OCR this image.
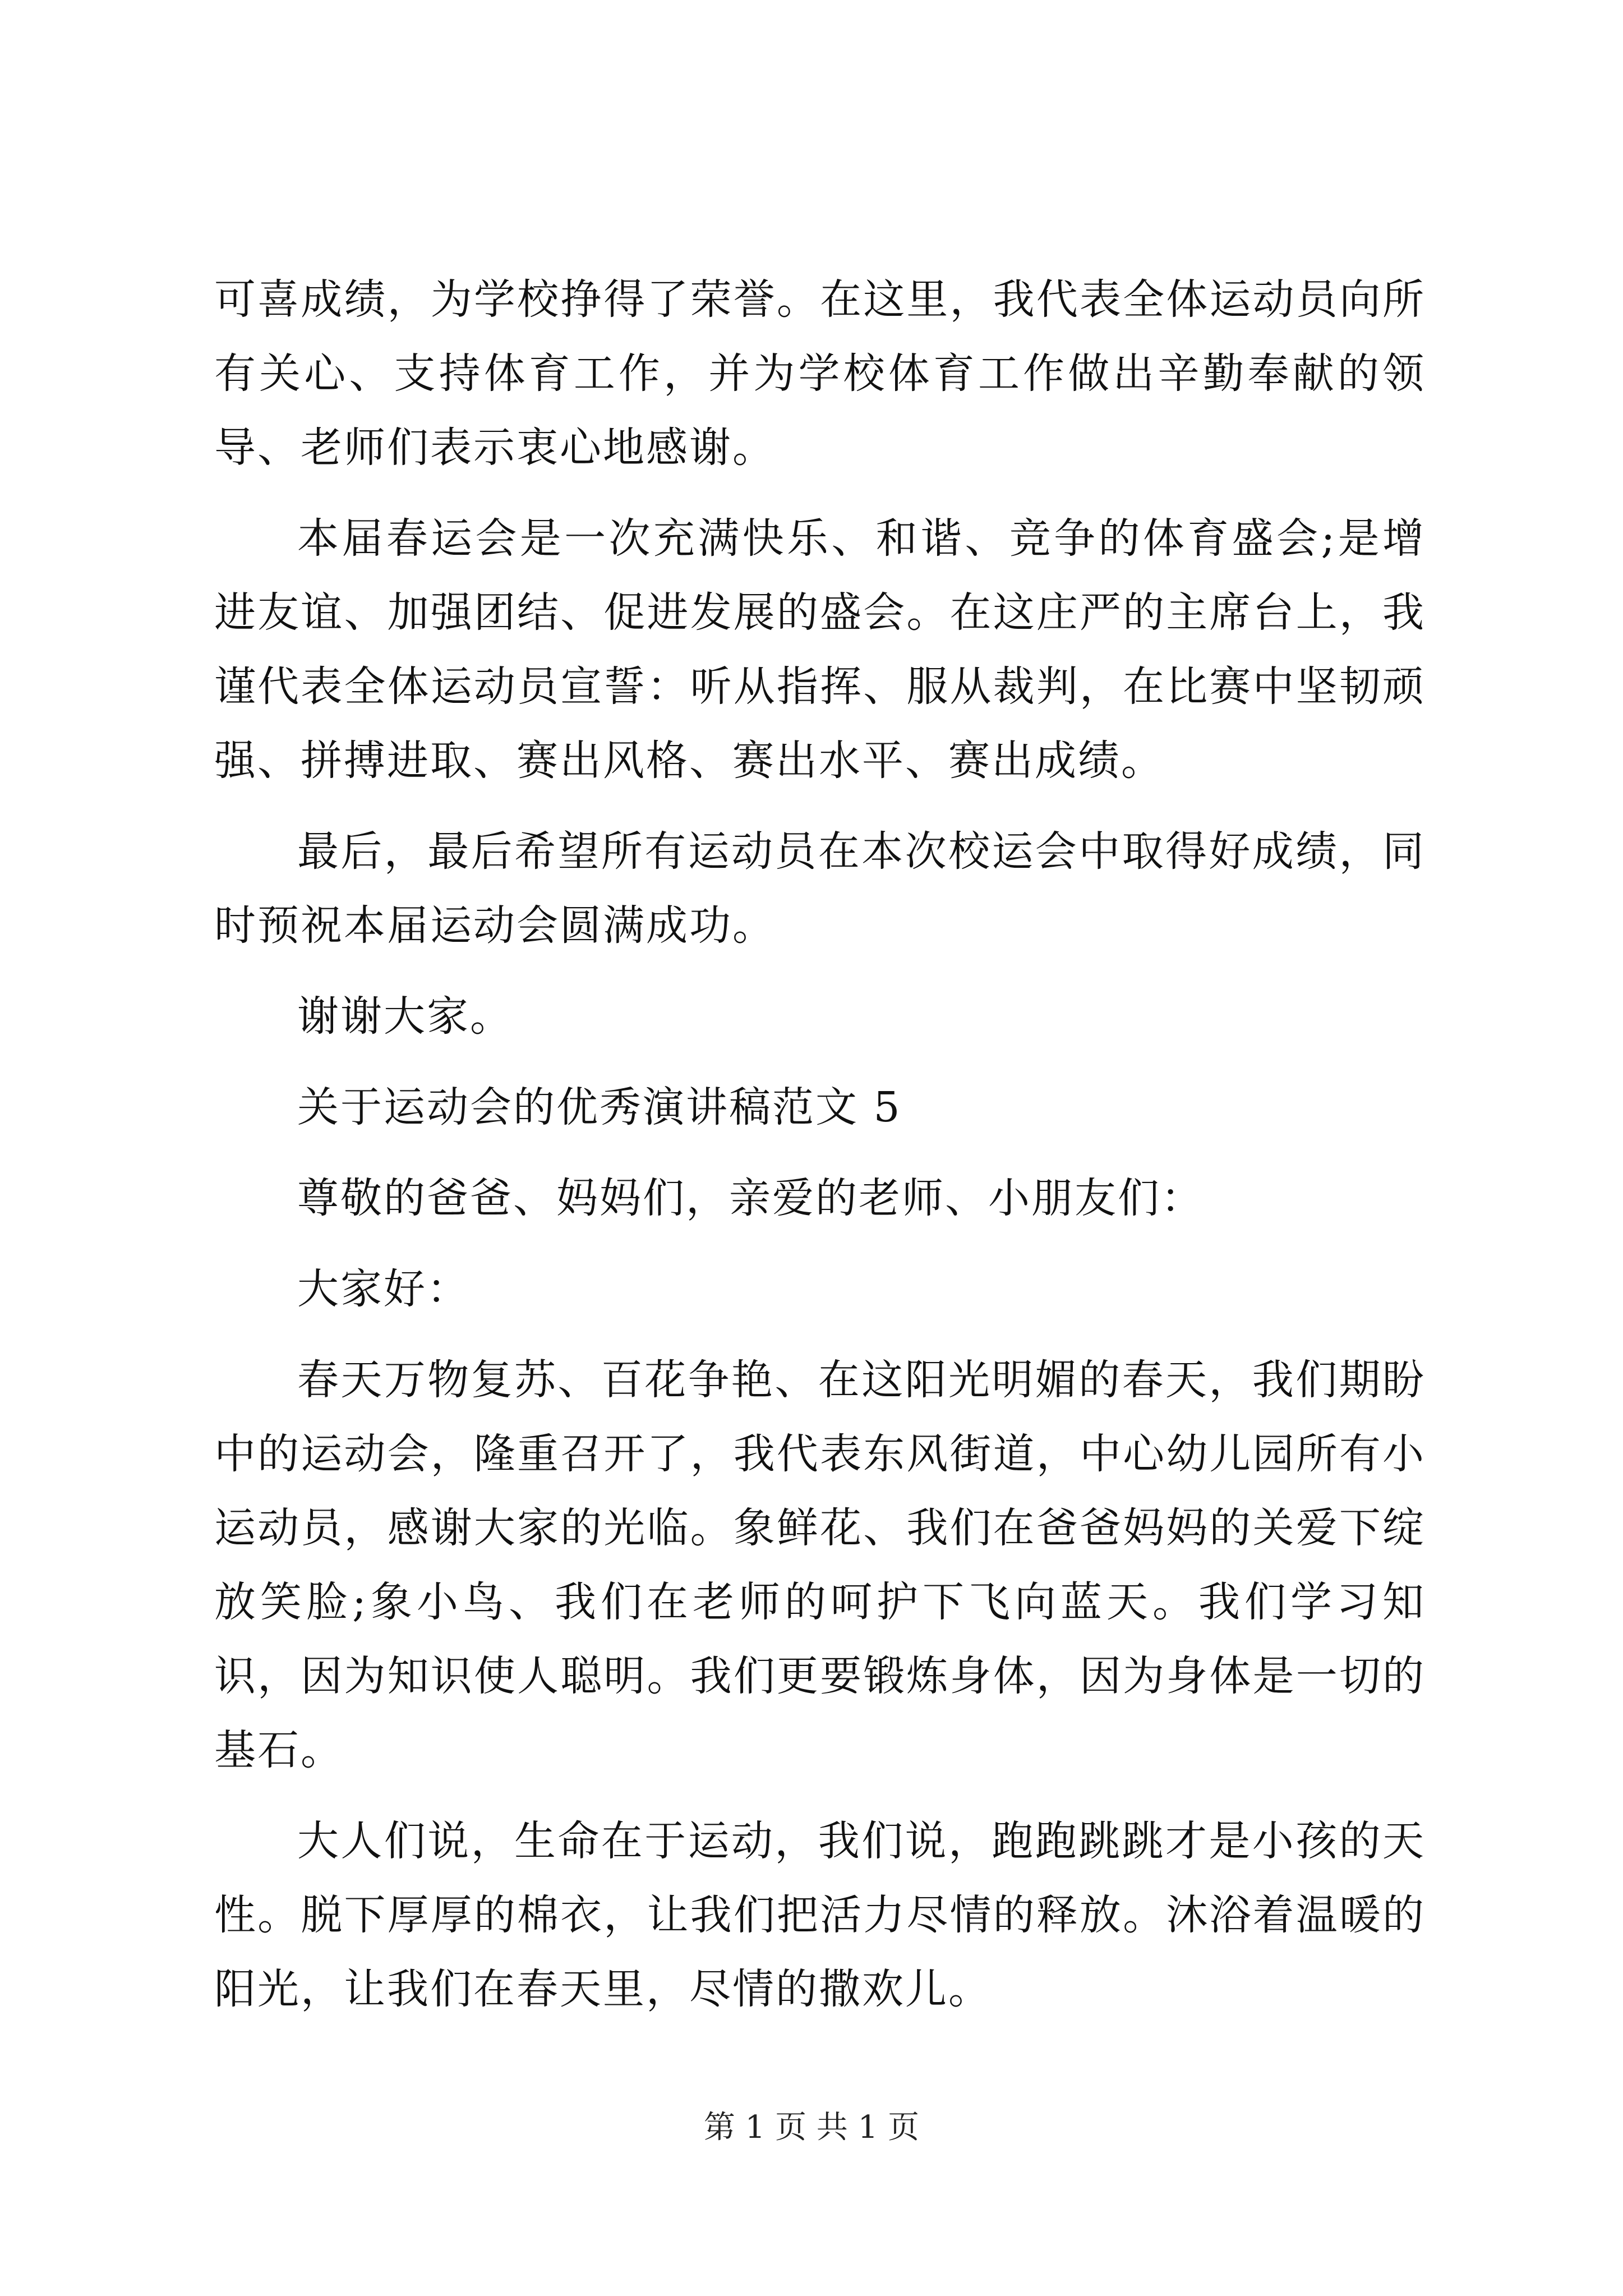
可喜成绩，为学校挣得了荣誉。在这里，我代表全体运动员向所有关心、支持体育工作，并为学校体育工作做出辛勤奉献的领导、老师们表示衷心地感谢。

本届春运会是一次充满快乐、和谐、竞争的体育盛会;是增进友谊、加强团结、促进发展的盛会。在这庄严的主席台上，我谨代表全体运动员宣誓：听从指挥、服从裁判，在比赛中坚韧顽强、拼搏进取、赛出风格、赛出水平、赛出成绩。

最后，最后希望所有运动员在本次校运会中取得好成绩，同时预祝本届运动会圆满成功。

谢谢大家。

关于运动会的优秀演讲稿范文 5

尊敬的爸爸、妈妈们，亲爱的老师、小朋友们：

大家好：

春天万物复苏、百花争艳、在这阳光明媚的春天，我们期盼中的运动会，隆重召开了，我代表东风街道，中心幼儿园所有小运动员，感谢大家的光临。象鲜花、我们在爸爸妈妈的关爱下绽放笑脸;象小鸟、我们在老师的呵护下飞向蓝天。我们学习知识，因为知识使人聪明。我们更要锻炼身体，因为身体是一切的基石。

大人们说，生命在于运动，我们说，跑跑跳跳才是小孩的天性。脱下厚厚的棉衣，让我们把活力尽情的释放。沐浴着温暖的阳光，让我们在春天里，尽情的撒欢儿。

第 1 页 共 1 页
